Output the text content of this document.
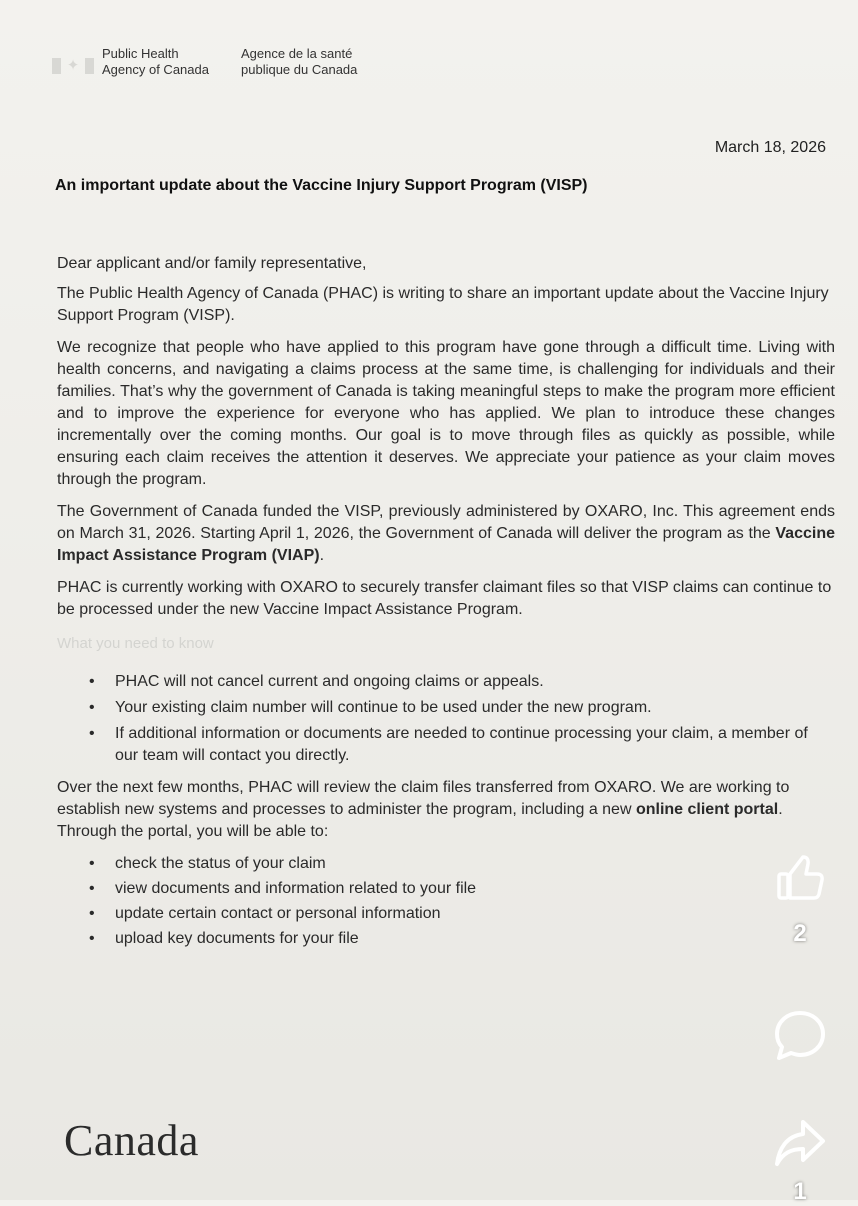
✦
Public Health
Agency of Canada
Agence de la santé
publique du Canada
March 18, 2026
An important update about the Vaccine Injury Support Program (VISP)

Dear applicant and/or family representative,

The Public Health Agency of Canada (PHAC) is writing to share an important update about the Vaccine Injury Support Program (VISP).

We recognize that people who have applied to this program have gone through a difficult time. Living with health concerns, and navigating a claims process at the same time, is challenging for individuals and their families. That’s why the government of Canada is taking meaningful steps to make the program more efficient and to improve the experience for everyone who has applied. We plan to introduce these changes incrementally over the coming months. Our goal is to move through files as quickly as possible, while ensuring each claim receives the attention it deserves. We appreciate your patience as your claim moves through the program.

The Government of Canada funded the VISP, previously administered by OXARO, Inc. This agreement ends on March 31, 2026. Starting April 1, 2026, the Government of Canada will deliver the program as the Vaccine Impact Assistance Program (VIAP).

PHAC is currently working with OXARO to securely transfer claimant files so that VISP claims can continue to be processed under the new Vaccine Impact Assistance Program.

What you need to know

• PHAC will not cancel current and ongoing claims or appeals.
• Your existing claim number will continue to be used under the new program.
• If additional information or documents are needed to continue processing your claim, a member of our team will contact you directly.

Over the next few months, PHAC will review the claim files transferred from OXARO. We are working to establish new systems and processes to administer the program, including a new online client portal. Through the portal, you will be able to:

• check the status of your claim
• view documents and information related to your file
• update certain contact or personal information
• upload key documents for your file
Canada
2
1
